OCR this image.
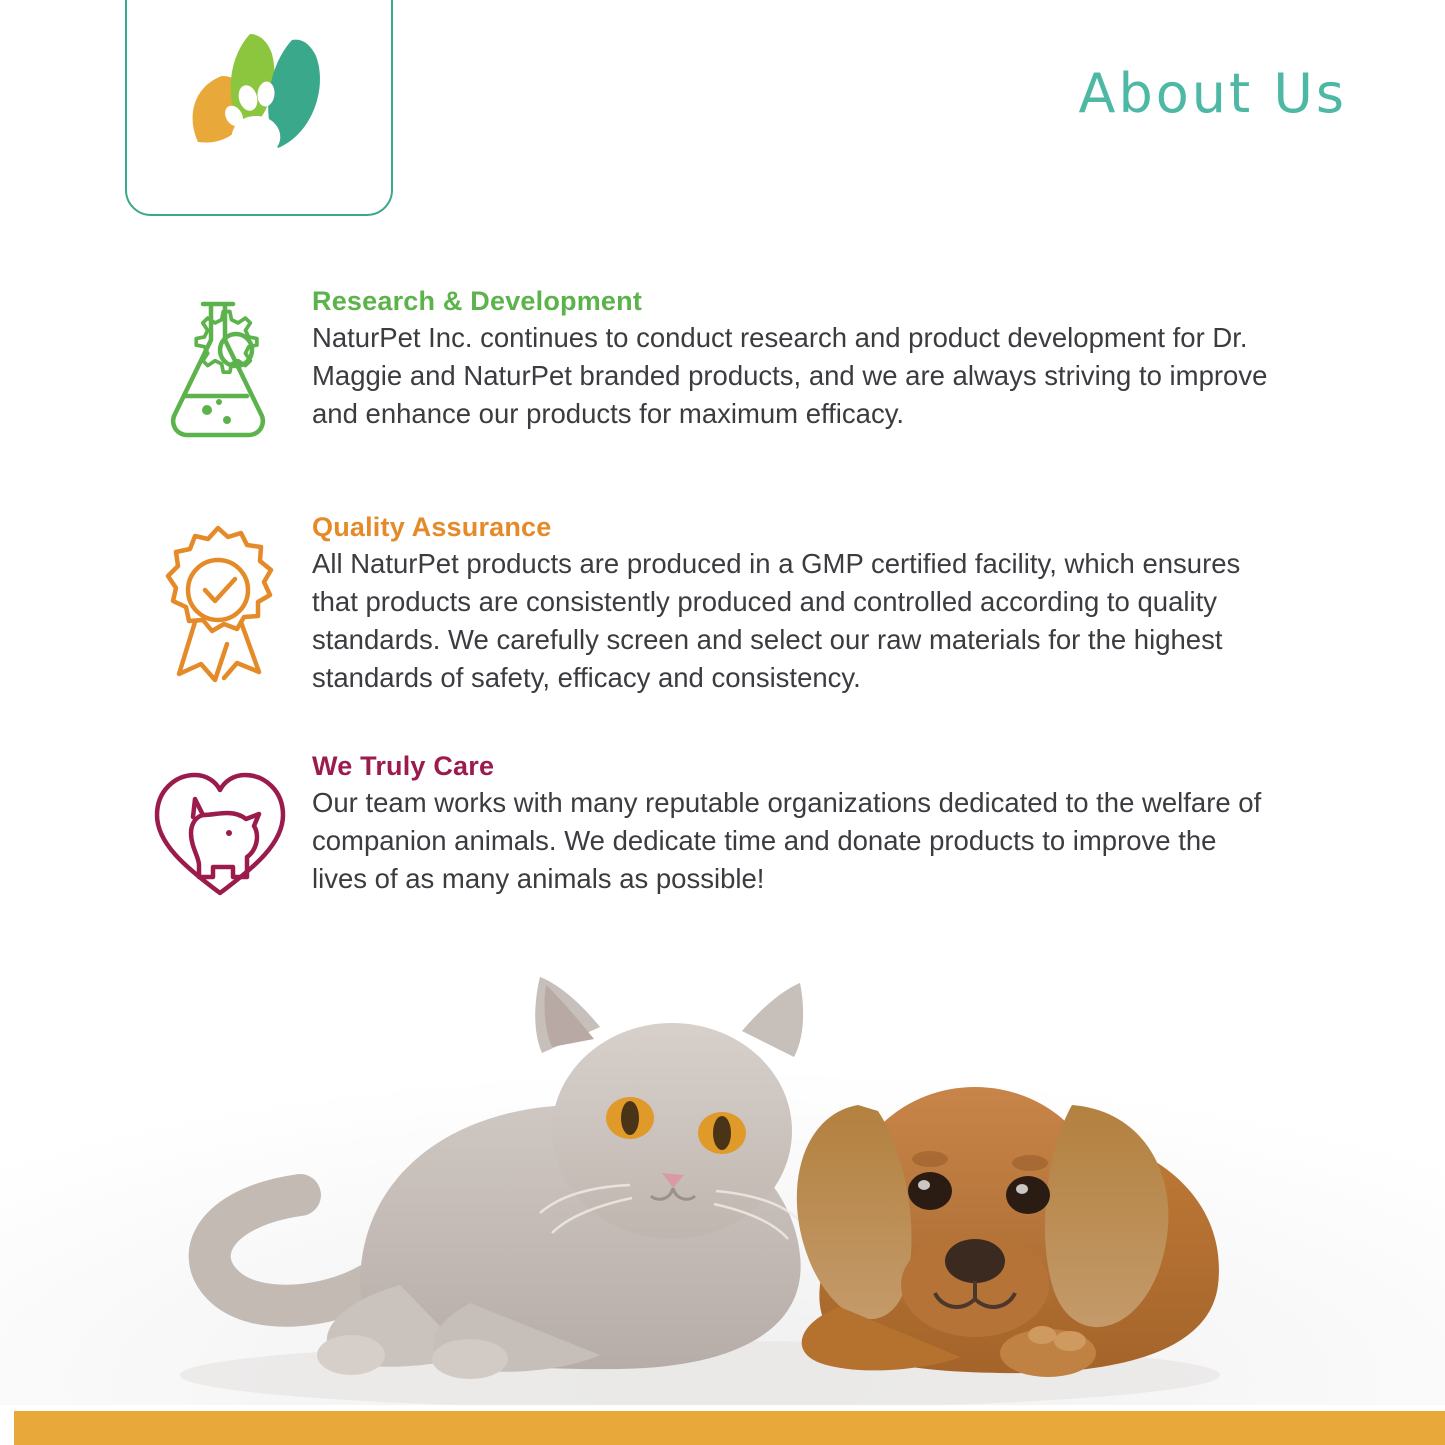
About Us
Research & Development

NaturPet Inc. continues to conduct research and product development for Dr. Maggie and NaturPet branded products, and we are always striving to improve and enhance our products for maximum efficacy.

Quality Assurance

All NaturPet products are produced in a GMP certified facility, which ensures that products are consistently produced and controlled according to quality standards. We carefully screen and select our raw materials for the highest standards of safety, efficacy and consistency.

We Truly Care

Our team works with many reputable organizations dedicated to the welfare of companion animals. We dedicate time and donate products to improve the lives of as many animals as possible!
